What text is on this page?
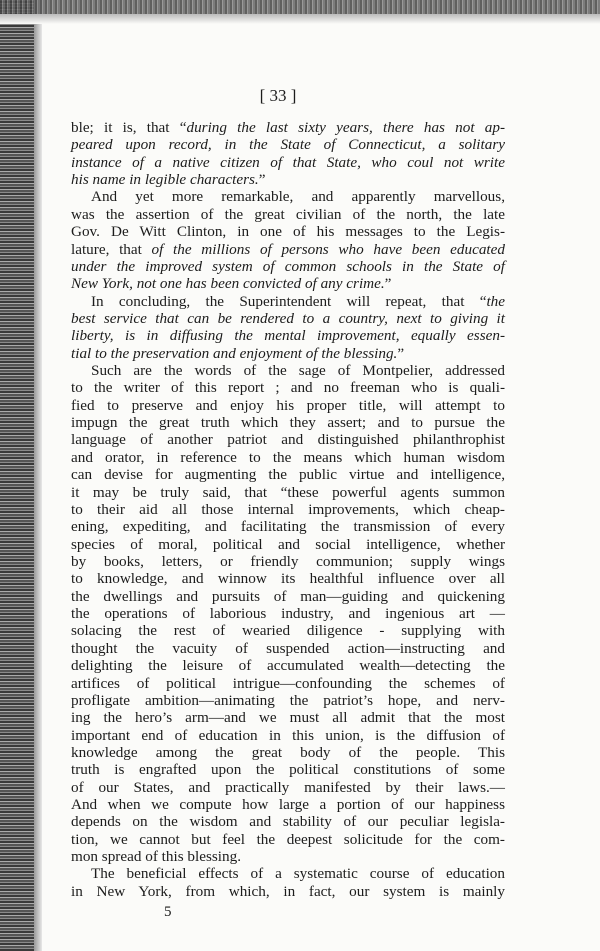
[ 33 ]
ble; it is, that “during the last sixty years, there has not ap-
peared upon record, in the State of Connecticut, a solitary
instance of a native citizen of that State, who coul not write
his name in legible characters.”
And yet more remarkable, and apparently marvellous,
was the assertion of the great civilian of the north, the late
Gov. De Witt Clinton, in one of his messages to the Legis-
lature, that of the millions of persons who have been educated
under the improved system of common schools in the State of
New York, not one has been convicted of any crime.”
In concluding, the Superintendent will repeat, that “the
best service that can be rendered to a country, next to giving it
liberty, is in diffusing the mental improvement, equally essen-
tial to the preservation and enjoyment of the blessing.”
Such are the words of the sage of Montpelier, addressed
to the writer of this report ; and no freeman who is quali-
fied to preserve and enjoy his proper title, will attempt to
impugn the great truth which they assert; and to pursue the
language of another patriot and distinguished philanthrophist
and orator, in reference to the means which human wisdom
can devise for augmenting the public virtue and intelligence,
it may be truly said, that “these powerful agents summon
to their aid all those internal improvements, which cheap-
ening, expediting, and facilitating the transmission of every
species of moral, political and social intelligence, whether
by books, letters, or friendly communion; supply wings
to knowledge, and winnow its healthful influence over all
the dwellings and pursuits of man—guiding and quickening
the operations of laborious industry, and ingenious art —
solacing the rest of wearied diligence - supplying with
thought the vacuity of suspended action—instructing and
delighting the leisure of accumulated wealth—detecting the
artifices of political intrigue—confounding the schemes of
profligate ambition—animating the patriot’s hope, and nerv-
ing the hero’s arm—and we must all admit that the most
important end of education in this union, is the diffusion of
knowledge among the great body of the people. This
truth is engrafted upon the political constitutions of some
of our States, and practically manifested by their laws.—
And when we compute how large a portion of our happiness
depends on the wisdom and stability of our peculiar legisla-
tion, we cannot but feel the deepest solicitude for the com-
mon spread of this blessing.
The beneficial effects of a systematic course of education
in New York, from which, in fact, our system is mainly
5
